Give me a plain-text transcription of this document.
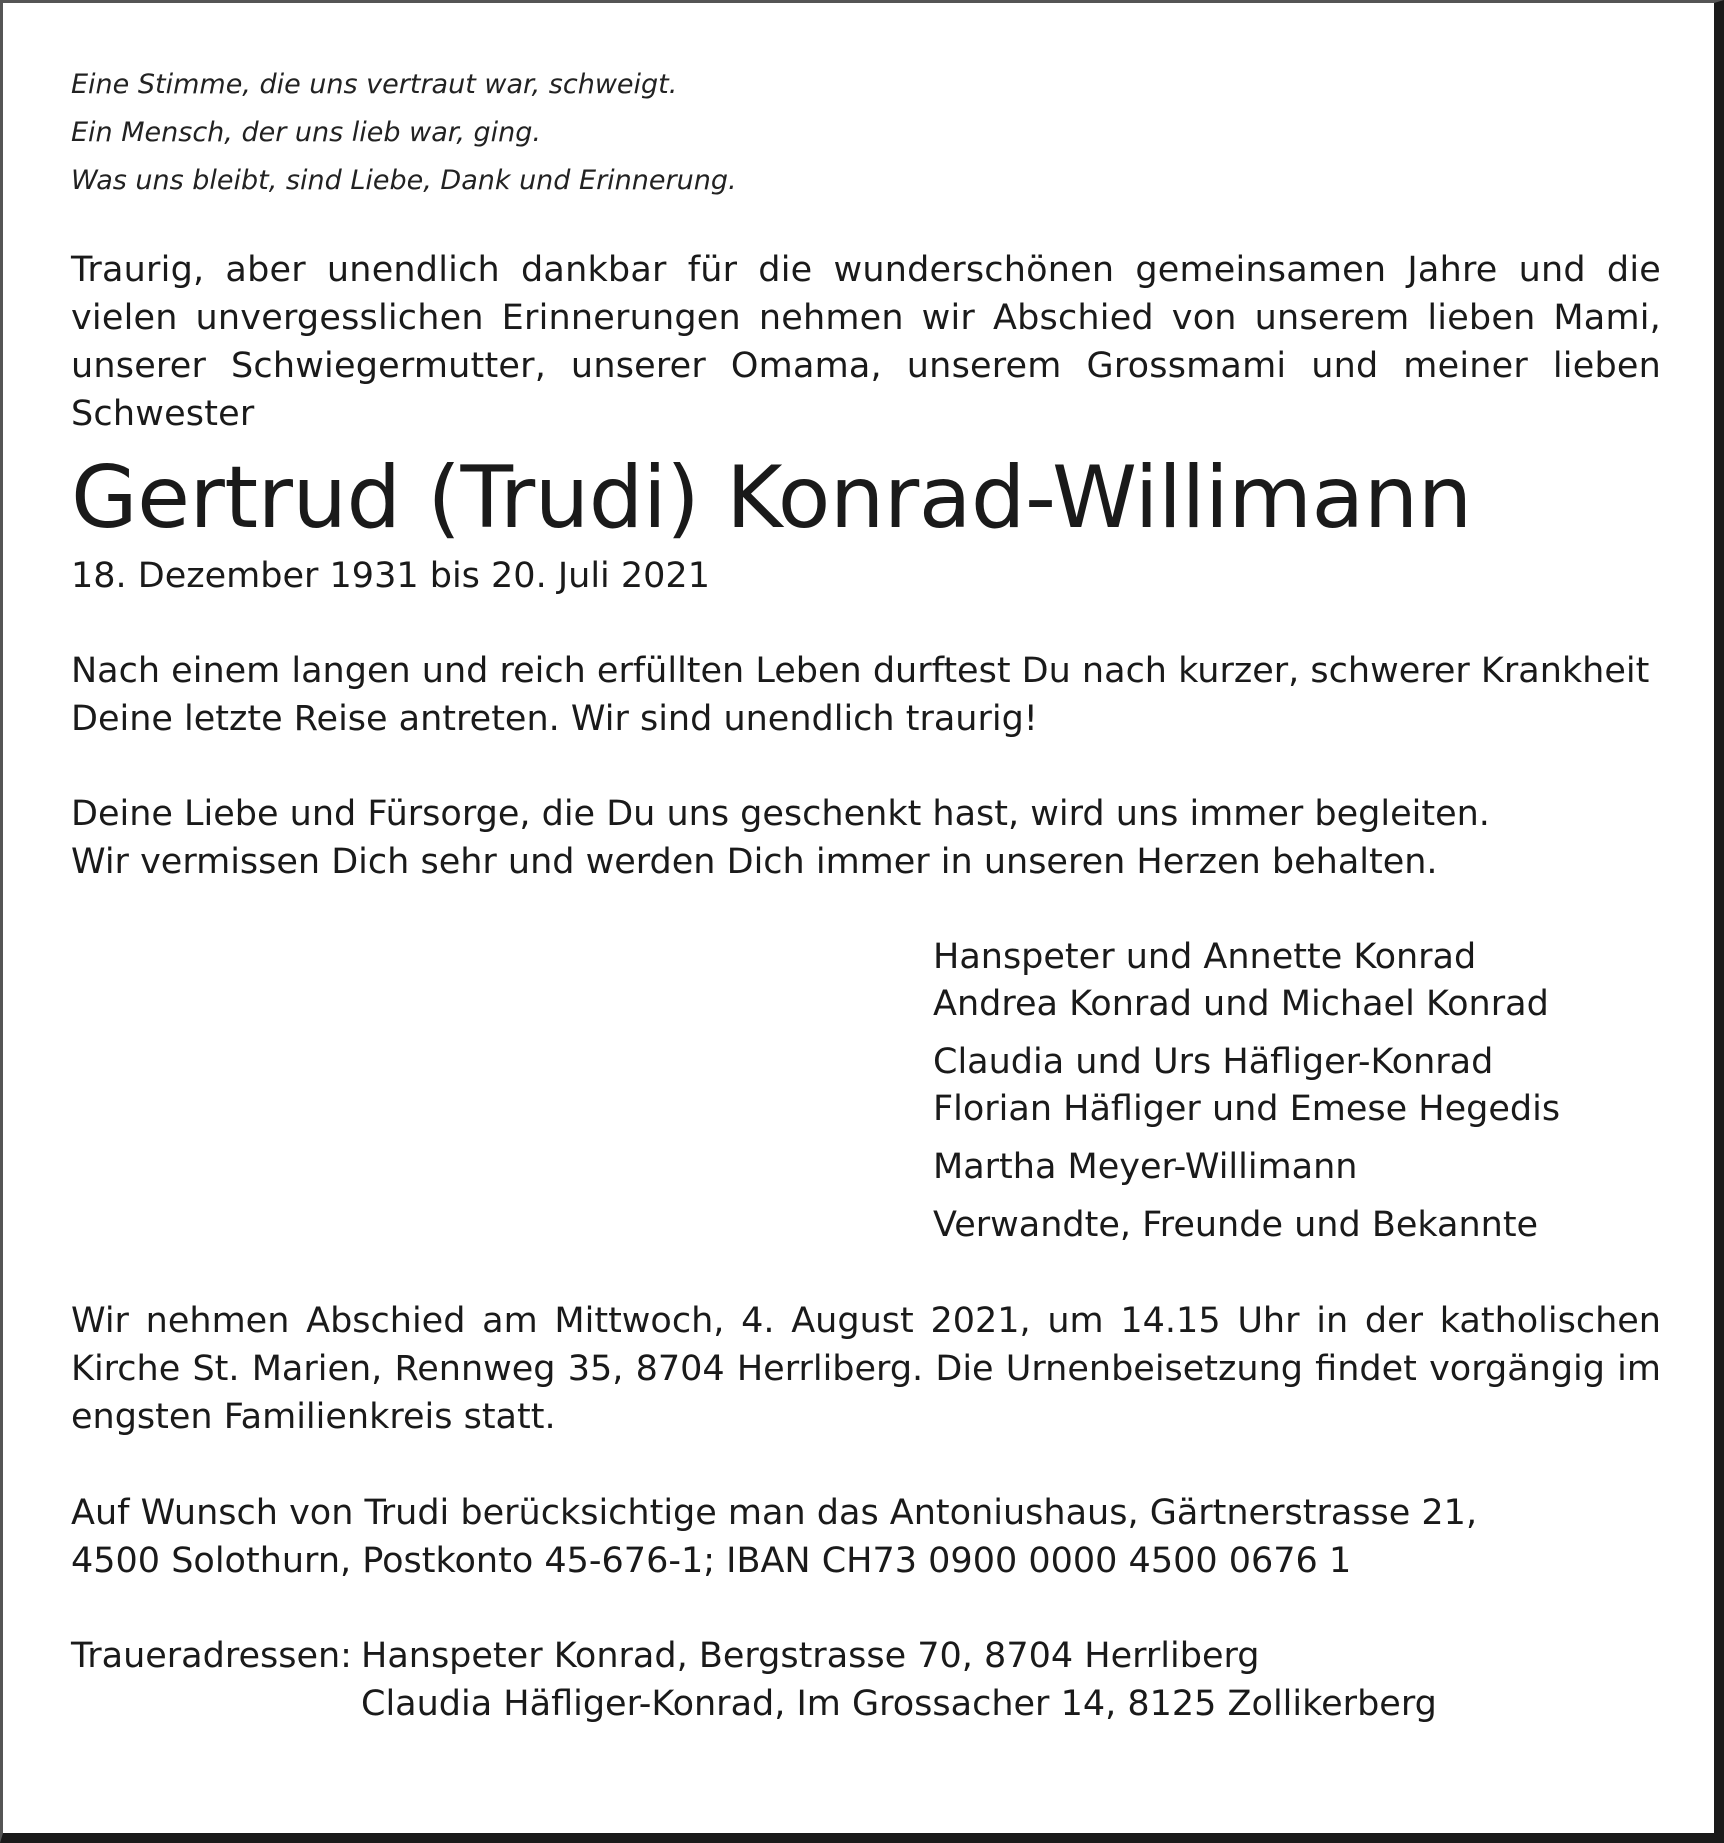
Eine Stimme, die uns vertraut war, schweigt.
Ein Mensch, der uns lieb war, ging.
Was uns bleibt, sind Liebe, Dank und Erinnerung.
Traurig, aber unendlich dankbar für die wunderschönen gemeinsamen Jahre und die vielen unvergesslichen Erinnerungen nehmen wir Abschied von unserem lieben Mami, unserer Schwiegermutter, unserer Omama, unserem Grossmami und meiner lieben Schwester
Gertrud (Trudi) Konrad-Willimann
18. Dezember 1931 bis 20. Juli 2021
Nach einem langen und reich erfüllten Leben durftest Du nach kurzer, schwerer Krankheit
Deine letzte Reise antreten. Wir sind unendlich traurig!
Deine Liebe und Fürsorge, die Du uns geschenkt hast, wird uns immer begleiten.
Wir vermissen Dich sehr und werden Dich immer in unseren Herzen behalten.
Hanspeter und Annette Konrad
Andrea Konrad und Michael Konrad
Claudia und Urs Häfliger-Konrad
Florian Häfliger und Emese Hegedis
Martha Meyer-Willimann
Verwandte, Freunde und Bekannte
Wir nehmen Abschied am Mittwoch, 4. August 2021, um 14.15 Uhr in der katholischen Kirche St. Marien, Rennweg 35, 8704 Herrliberg. Die Urnenbeisetzung findet vorgängig im engsten Familienkreis statt.
Auf Wunsch von Trudi berücksichtige man das Antoniushaus, Gärtnerstrasse 21,
4500 Solothurn, Postkonto 45-676-1; IBAN CH73 0900 0000 4500 0676 1
Traueradressen: Hanspeter Konrad, Bergstrasse 70, 8704 Herrliberg
Claudia Häfliger-Konrad, Im Grossacher 14, 8125 Zollikerberg
